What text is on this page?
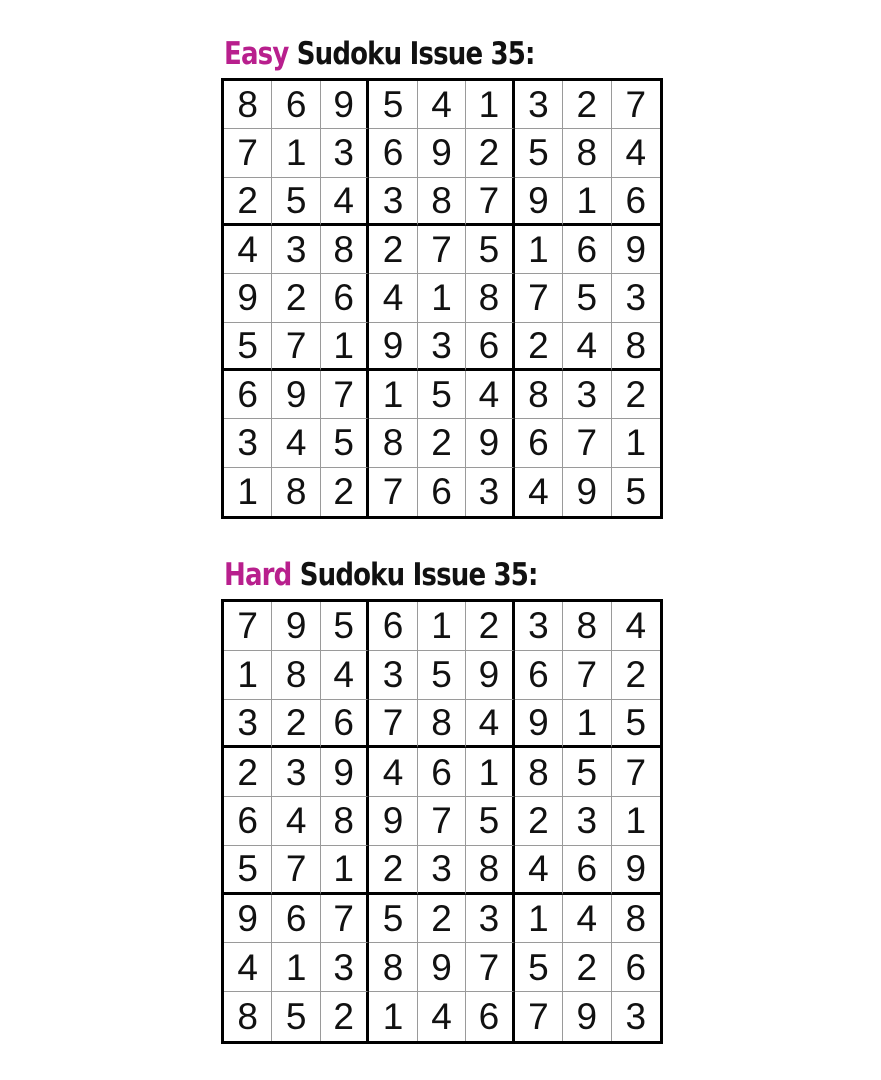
Easy Sudoku Issue 35:
8 6 9 5 4 1 3 2 7
7 1 3 6 9 2 5 8 4
2 5 4 3 8 7 9 1 6
4 3 8 2 7 5 1 6 9
9 2 6 4 1 8 7 5 3
5 7 1 9 3 6 2 4 8
6 9 7 1 5 4 8 3 2
3 4 5 8 2 9 6 7 1
1 8 2 7 6 3 4 9 5
Hard Sudoku Issue 35:
7 9 5 6 1 2 3 8 4
1 8 4 3 5 9 6 7 2
3 2 6 7 8 4 9 1 5
2 3 9 4 6 1 8 5 7
6 4 8 9 7 5 2 3 1
5 7 1 2 3 8 4 6 9
9 6 7 5 2 3 1 4 8
4 1 3 8 9 7 5 2 6
8 5 2 1 4 6 7 9 3
